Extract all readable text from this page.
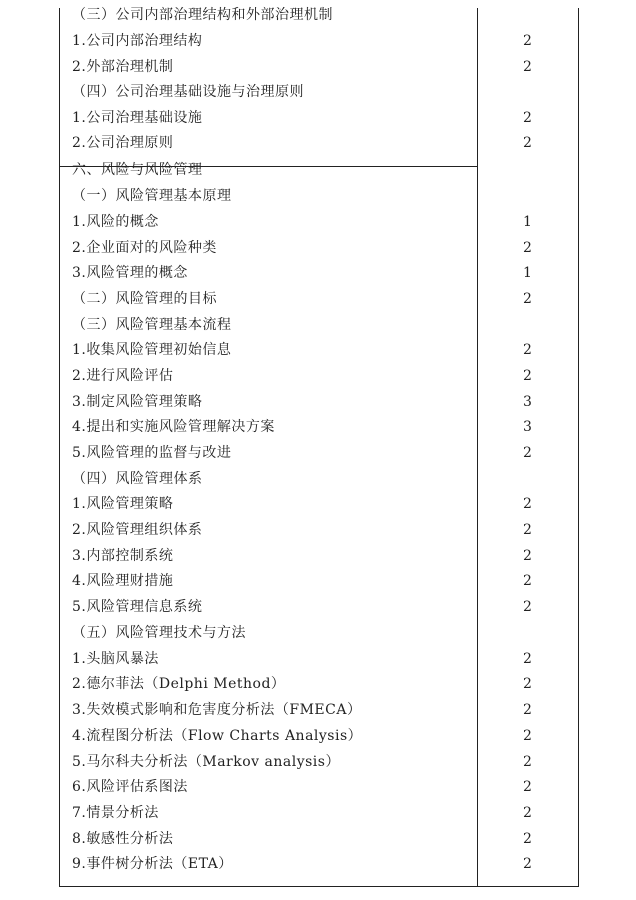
（三）公司内部治理结构和外部治理机制
1.公司内部治理结构	2
2.外部治理机制	2
（四）公司治理基础设施与治理原则
1.公司治理基础设施	2
2.公司治理原则	2
六、风险与风险管理
（一）风险管理基本原理
1.风险的概念	1
2.企业面对的风险种类	2
3.风险管理的概念	1
（二）风险管理的目标	2
（三）风险管理基本流程
1.收集风险管理初始信息	2
2.进行风险评估	2
3.制定风险管理策略	3
4.提出和实施风险管理解决方案	3
5.风险管理的监督与改进	2
（四）风险管理体系
1.风险管理策略	2
2.风险管理组织体系	2
3.内部控制系统	2
4.风险理财措施	2
5.风险管理信息系统	2
（五）风险管理技术与方法
1.头脑风暴法	2
2.德尔菲法（Delphi Method）	2
3.失效模式影响和危害度分析法（FMECA）	2
4.流程图分析法（Flow Charts Analysis）	2
5.马尔科夫分析法（Markov analysis）	2
6.风险评估系图法	2
7.情景分析法	2
8.敏感性分析法	2
9.事件树分析法（ETA）	2
